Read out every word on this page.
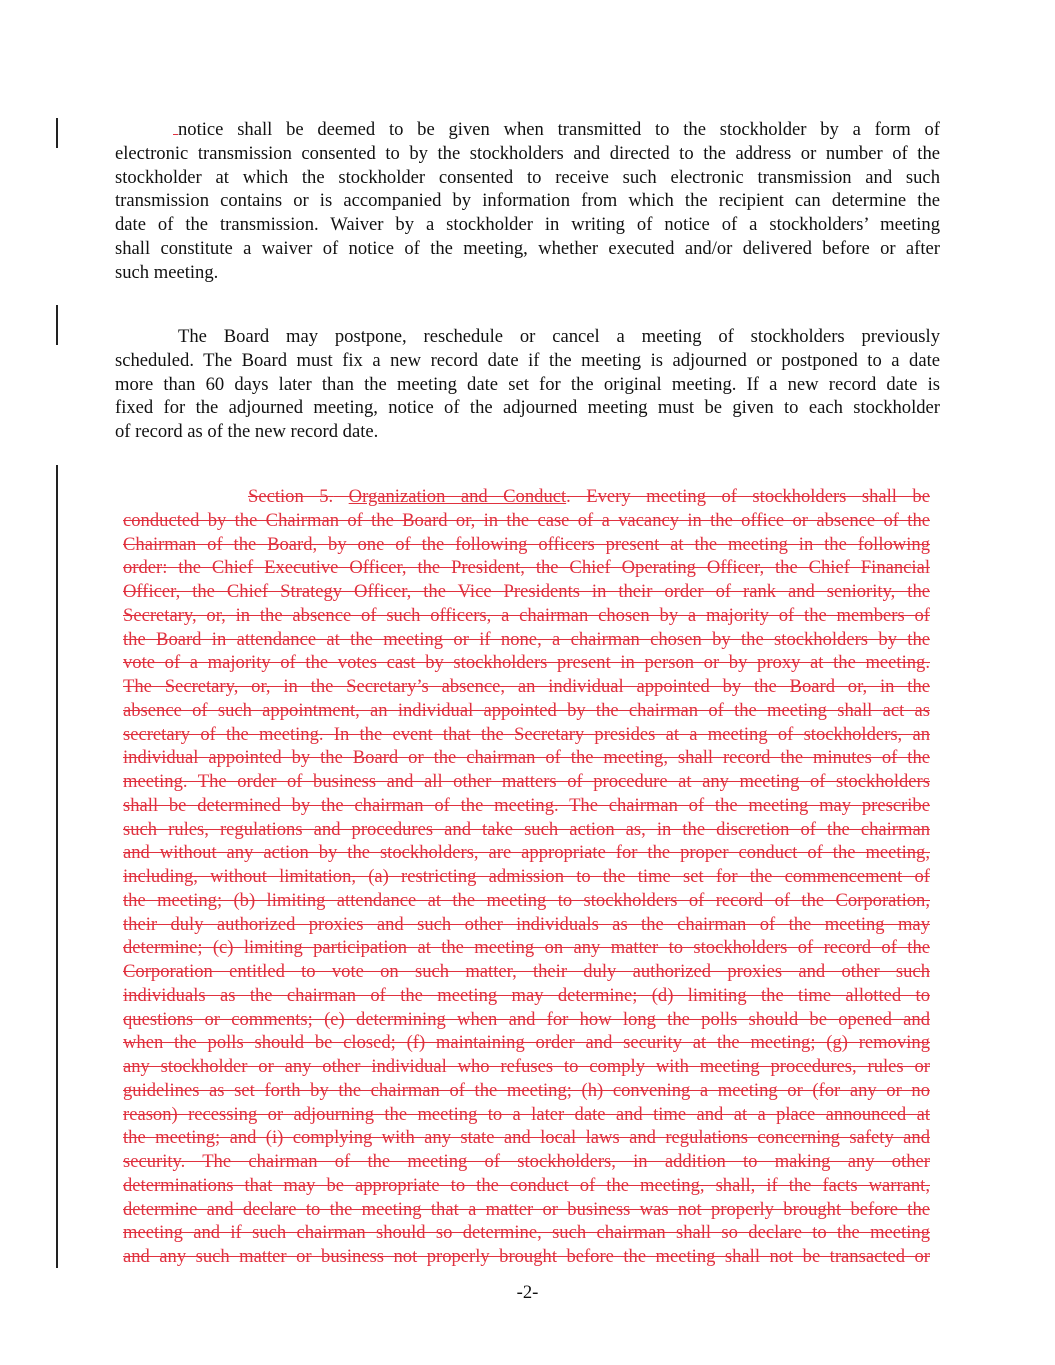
notice shall be deemed to be given when transmitted to the stockholder by a form of
electronic transmission consented to by the stockholders and directed to the address or number of the
stockholder at which the stockholder consented to receive such electronic transmission and such
transmission contains or is accompanied by information from which the recipient can determine the
date of the transmission. Waiver by a stockholder in writing of notice of a stockholders’ meeting
shall constitute a waiver of notice of the meeting, whether executed and/or delivered before or after
such meeting.
The Board may postpone, reschedule or cancel a meeting of stockholders previously
scheduled. The Board must fix a new record date if the meeting is adjourned or postponed to a date
more than 60 days later than the meeting date set for the original meeting. If a new record date is
fixed for the adjourned meeting, notice of the adjourned meeting must be given to each stockholder
of record as of the new record date.
Section 5. Organization and Conduct. Every meeting of stockholders shall be
conducted by the Chairman of the Board or, in the case of a vacancy in the office or absence of the
Chairman of the Board, by one of the following officers present at the meeting in the following
order: the Chief Executive Officer, the President, the Chief Operating Officer, the Chief Financial
Officer, the Chief Strategy Officer, the Vice Presidents in their order of rank and seniority, the
Secretary, or, in the absence of such officers, a chairman chosen by a majority of the members of
the Board in attendance at the meeting or if none, a chairman chosen by the stockholders by the
vote of a majority of the votes cast by stockholders present in person or by proxy at the meeting.
The Secretary, or, in the Secretary’s absence, an individual appointed by the Board or, in the
absence of such appointment, an individual appointed by the chairman of the meeting shall act as
secretary of the meeting. In the event that the Secretary presides at a meeting of stockholders, an
individual appointed by the Board or the chairman of the meeting, shall record the minutes of the
meeting. The order of business and all other matters of procedure at any meeting of stockholders
shall be determined by the chairman of the meeting. The chairman of the meeting may prescribe
such rules, regulations and procedures and take such action as, in the discretion of the chairman
and without any action by the stockholders, are appropriate for the proper conduct of the meeting,
including, without limitation, (a) restricting admission to the time set for the commencement of
the meeting; (b) limiting attendance at the meeting to stockholders of record of the Corporation,
their duly authorized proxies and such other individuals as the chairman of the meeting may
determine; (c) limiting participation at the meeting on any matter to stockholders of record of the
Corporation entitled to vote on such matter, their duly authorized proxies and other such
individuals as the chairman of the meeting may determine; (d) limiting the time allotted to
questions or comments; (e) determining when and for how long the polls should be opened and
when the polls should be closed; (f) maintaining order and security at the meeting; (g) removing
any stockholder or any other individual who refuses to comply with meeting procedures, rules or
guidelines as set forth by the chairman of the meeting; (h) convening a meeting or (for any or no
reason) recessing or adjourning the meeting to a later date and time and at a place announced at
the meeting; and (i) complying with any state and local laws and regulations concerning safety and
security. The chairman of the meeting of stockholders, in addition to making any other
determinations that may be appropriate to the conduct of the meeting, shall, if the facts warrant,
determine and declare to the meeting that a matter or business was not properly brought before the
meeting and if such chairman should so determine, such chairman shall so declare to the meeting
and any such matter or business not properly brought before the meeting shall not be transacted or
-2-
